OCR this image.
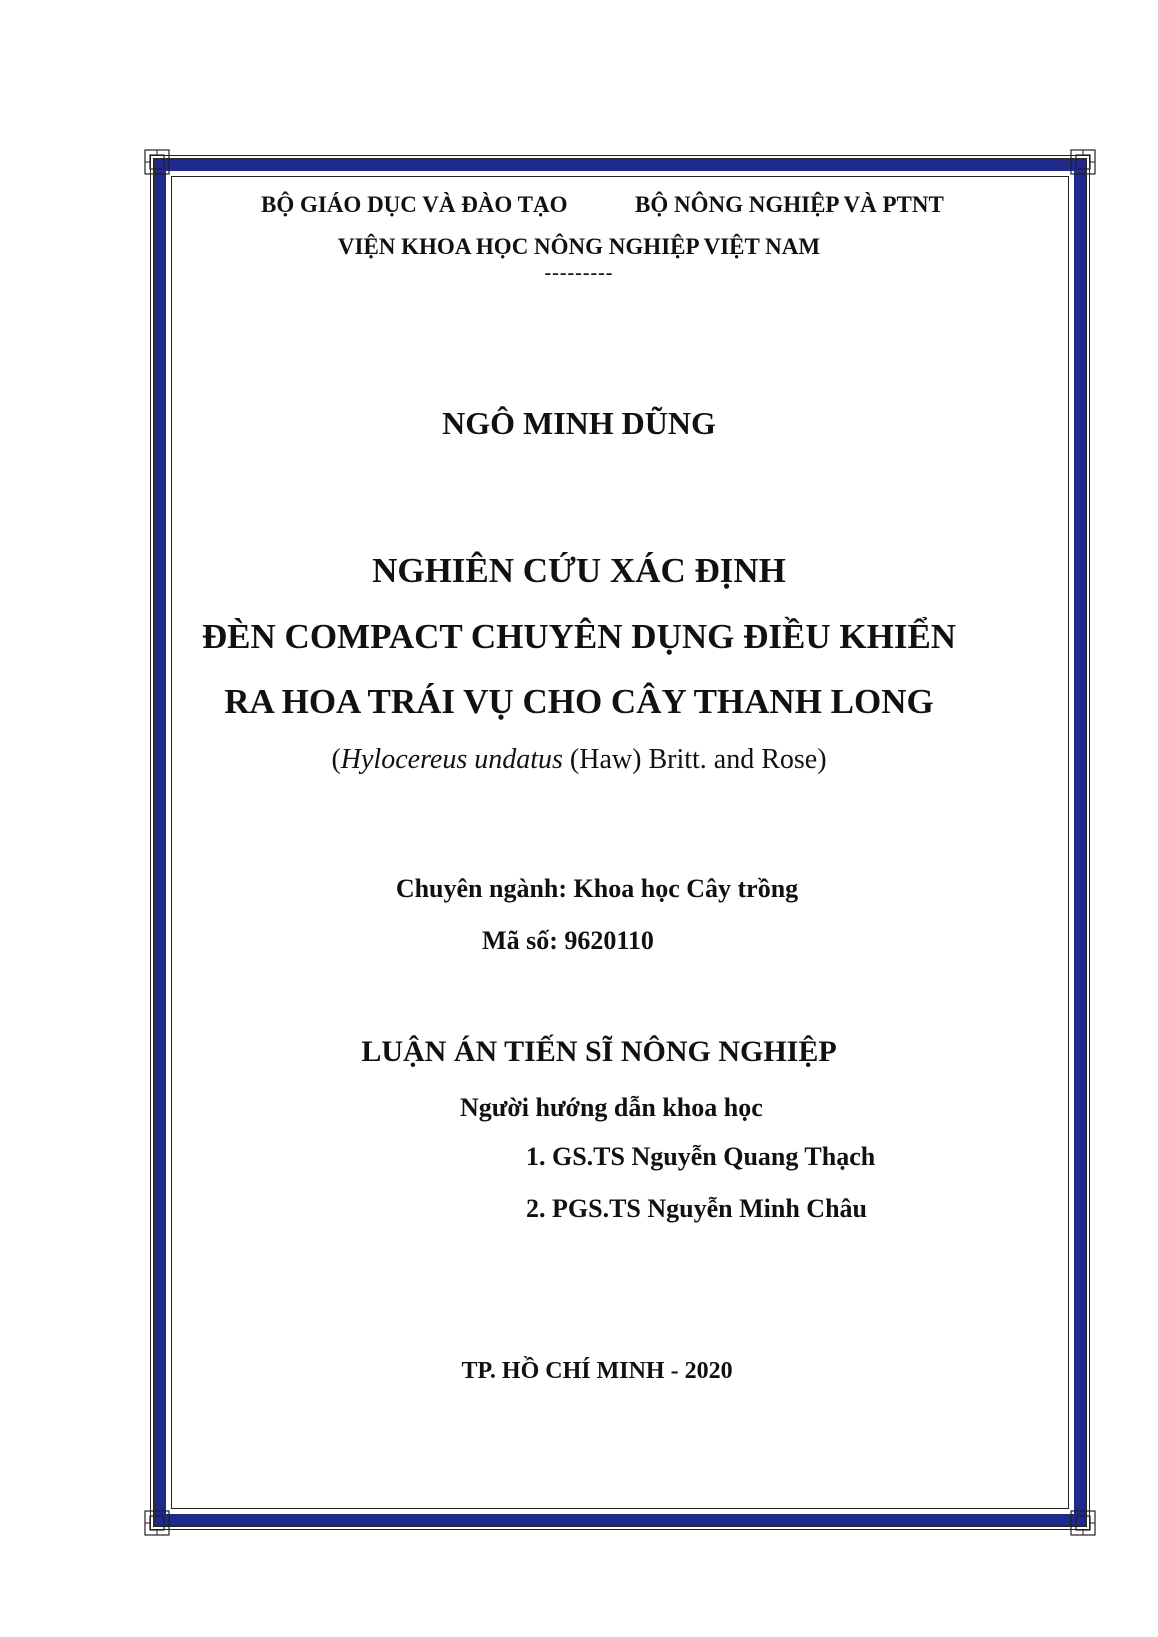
BỘ GIÁO DỤC VÀ ĐÀO TẠO	BỘ NÔNG NGHIỆP VÀ PTNT
VIỆN KHOA HỌC NÔNG NGHIỆP VIỆT NAM
---------
NGÔ MINH DŨNG
NGHIÊN CỨU XÁC ĐỊNH
ĐÈN COMPACT CHUYÊN DỤNG ĐIỀU KHIỂN
RA HOA TRÁI VỤ CHO CÂY THANH LONG
(Hylocereus undatus (Haw) Britt. and Rose)
Chuyên ngành: Khoa học Cây trồng
Mã số: 9620110
LUẬN ÁN TIẾN SĨ NÔNG NGHIỆP
Người hướng dẫn khoa học
1. GS.TS Nguyễn Quang Thạch
2. PGS.TS Nguyễn Minh Châu
TP. HỒ CHÍ MINH - 2020
